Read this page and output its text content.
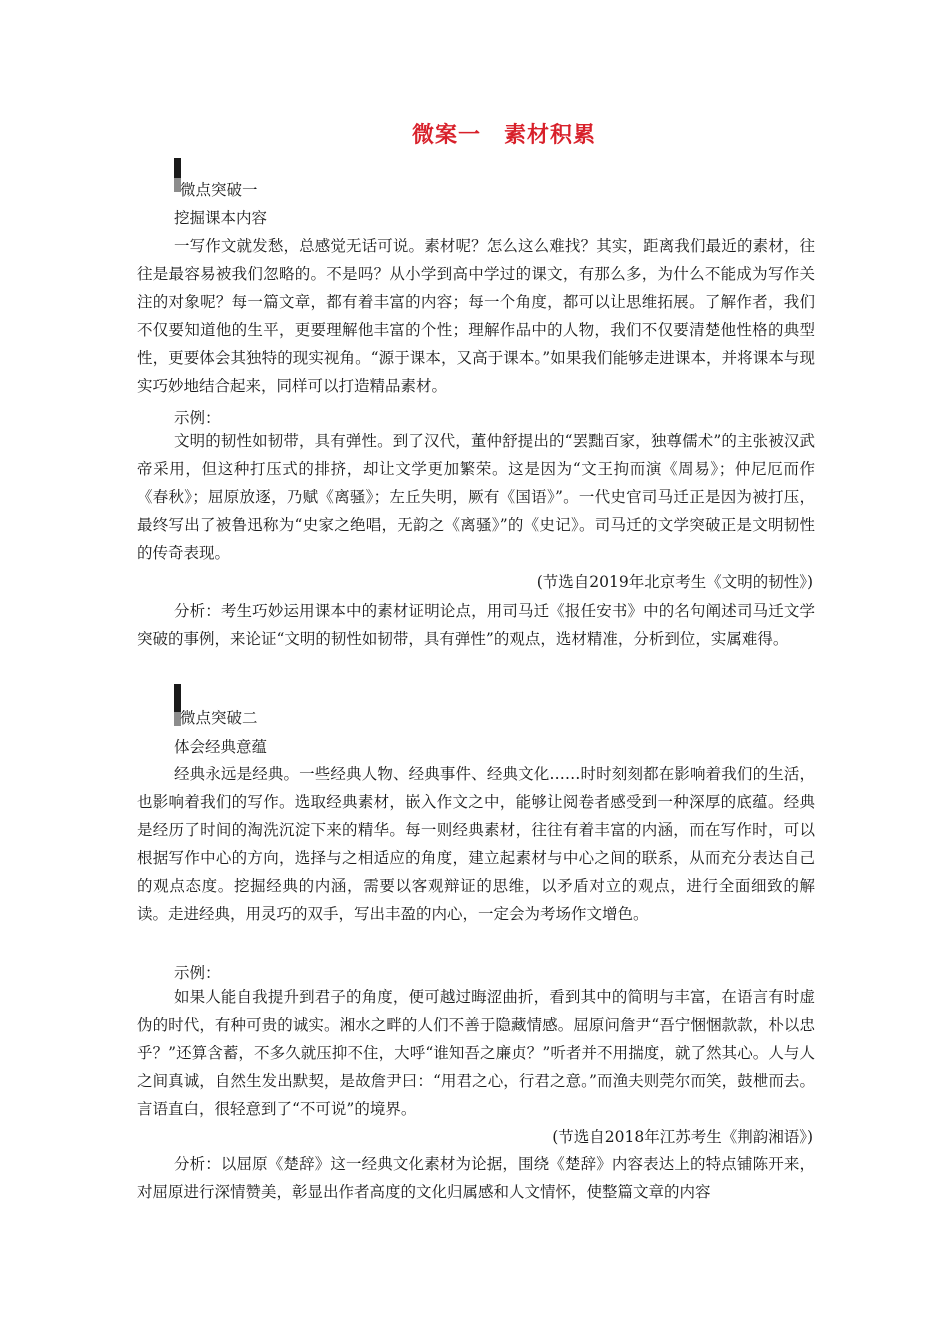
微案一　素材积累
微点突破一
挖掘课本内容

一写作文就发愁，总感觉无话可说。素材呢？怎么这么难找？其实，距离我们最近的素材，往往是最容易被我们忽略的。不是吗？从小学到高中学过的课文，有那么多，为什么不能成为写作关注的对象呢？每一篇文章，都有着丰富的内容；每一个角度，都可以让思维拓展。了解作者，我们不仅要知道他的生平，更要理解他丰富的个性；理解作品中的人物，我们不仅要清楚他性格的典型性，更要体会其独特的现实视角。“源于课本，又高于课本。”如果我们能够走进课本，并将课本与现实巧妙地结合起来，同样可以打造精品素材。

示例：

文明的韧性如韧带，具有弹性。到了汉代，董仲舒提出的“罢黜百家，独尊儒术”的主张被汉武帝采用，但这种打压式的排挤，却让文学更加繁荣。这是因为“文王拘而演《周易》；仲尼厄而作《春秋》；屈原放逐，乃赋《离骚》；左丘失明，厥有《国语》”。一代史官司马迁正是因为被打压，最终写出了被鲁迅称为“史家之绝唱，无韵之《离骚》”的《史记》。司马迁的文学突破正是文明韧性的传奇表现。

(节选自2019年北京考生《文明的韧性》)

分析：考生巧妙运用课本中的素材证明论点，用司马迁《报任安书》中的名句阐述司马迁文学突破的事例，来论证“文明的韧性如韧带，具有弹性”的观点，选材精准，分析到位，实属难得。

微点突破二
体会经典意蕴

经典永远是经典。一些经典人物、经典事件、经典文化……时时刻刻都在影响着我们的生活，也影响着我们的写作。选取经典素材，嵌入作文之中，能够让阅卷者感受到一种深厚的底蕴。经典是经历了时间的淘洗沉淀下来的精华。每一则经典素材，往往有着丰富的内涵，而在写作时，可以根据写作中心的方向，选择与之相适应的角度，建立起素材与中心之间的联系，从而充分表达自己的观点态度。挖掘经典的内涵，需要以客观辩证的思维，以矛盾对立的观点，进行全面细致的解读。走进经典，用灵巧的双手，写出丰盈的内心，一定会为考场作文增色。

示例：

如果人能自我提升到君子的角度，便可越过晦涩曲折，看到其中的简明与丰富，在语言有时虚伪的时代，有种可贵的诚实。湘水之畔的人们不善于隐藏情感。屈原问詹尹“吾宁悃悃款款，朴以忠乎？”还算含蓄，不多久就压抑不住，大呼“谁知吾之廉贞？”听者并不用揣度，就了然其心。人与人之间真诚，自然生发出默契，是故詹尹曰：“用君之心，行君之意。”而渔夫则莞尔而笑，鼓枻而去。言语直白，很轻意到了“不可说”的境界。

(节选自2018年江苏考生《荆韵湘语》)

分析：以屈原《楚辞》这一经典文化素材为论据，围绕《楚辞》内容表达上的特点铺陈开来，对屈原进行深情赞美，彰显出作者高度的文化归属感和人文情怀，使整篇文章的内容
